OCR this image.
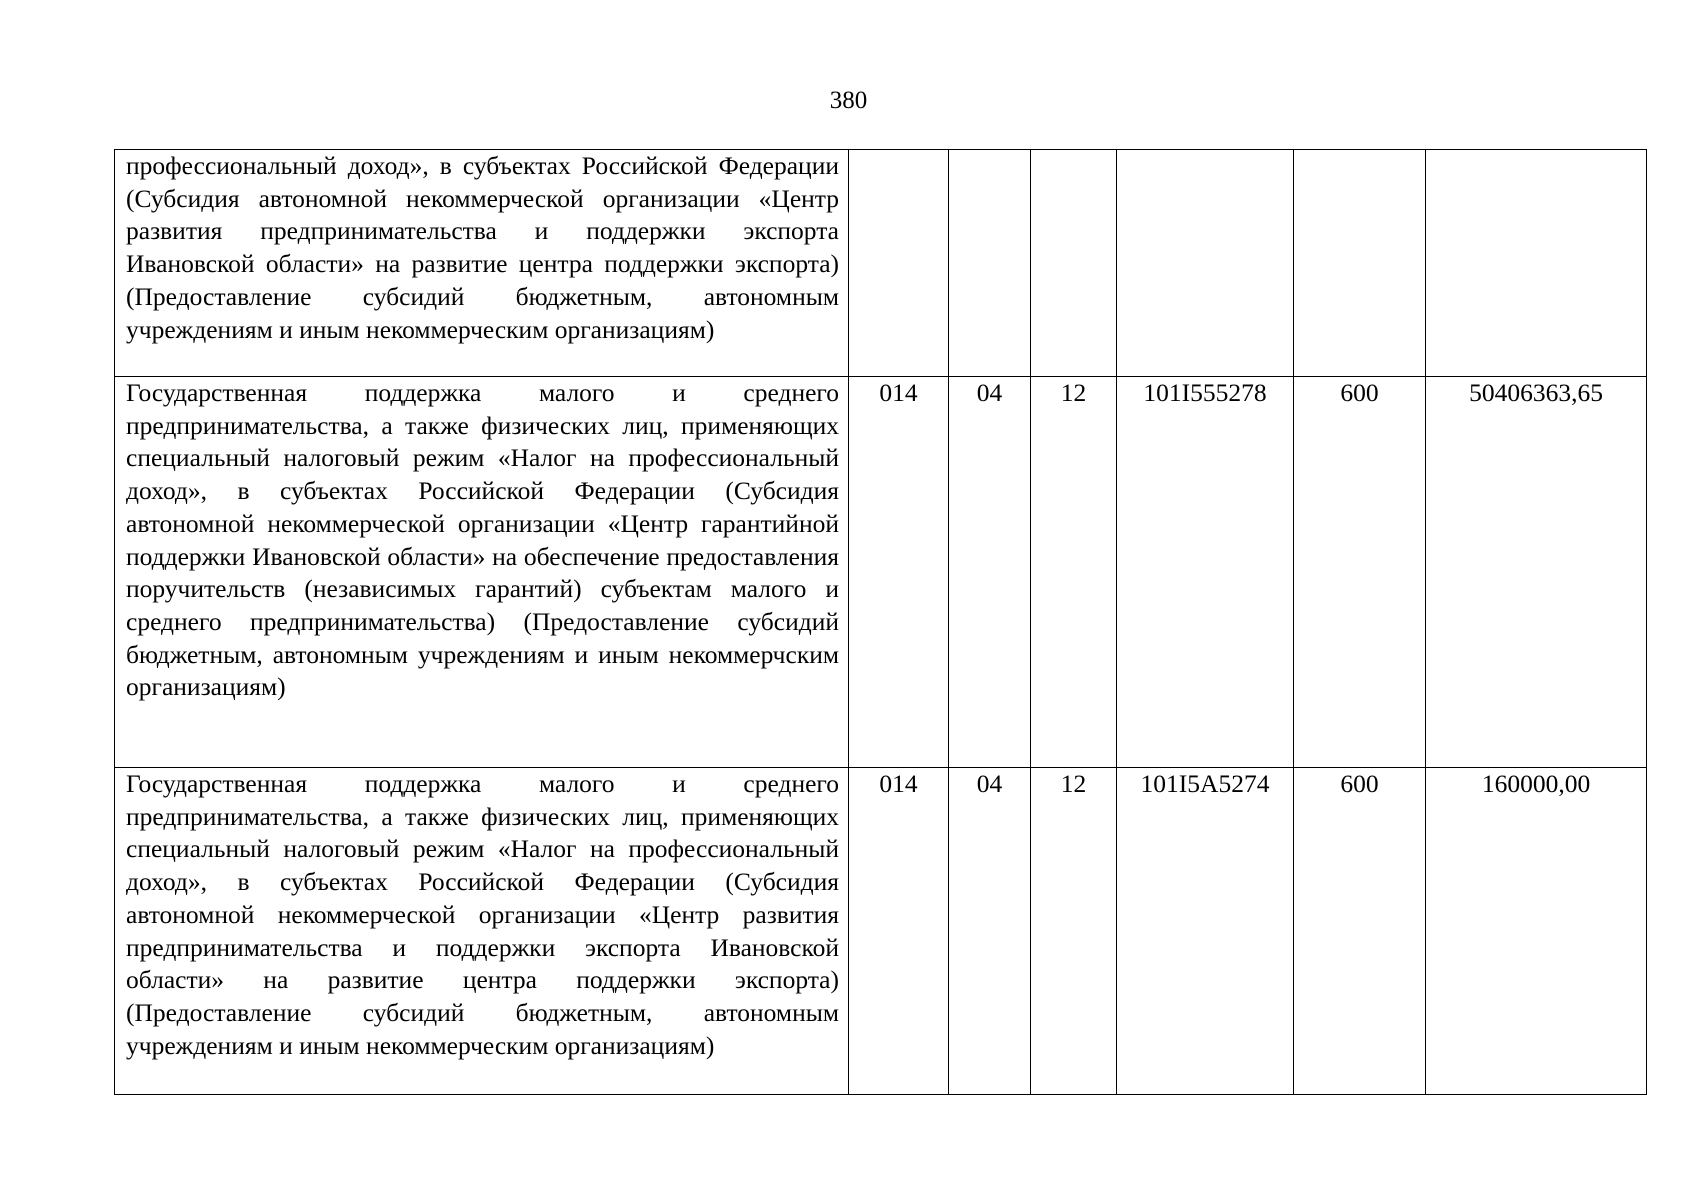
380
профессиональный доход», в субъектах Российской Федерации (Субсидия автономной некоммерческой организации «Центр развития предпринимательства и поддержки экспорта Ивановской области» на развитие центра поддержки экспорта) (Предоставление субсидий бюджетным, автономным учреждениям и иным некоммерческим организациям)						

Государственная поддержка малого и среднего предпринимательства, а также физических лиц, применяющих специальный налоговый режим «Налог на профессиональный доход», в субъектах Российской Федерации (Субсидия автономной некоммерческой организации «Центр гарантийной поддержки Ивановской области» на обеспечение предоставления поручительств (независимых гарантий) субъектам малого и среднего предпринимательства) (Предоставление субсидий бюджетным, автономным учреждениям и иным некоммерчским организациям)	014	04	12	101I555278	600	50406363,65

Государственная поддержка малого и среднего предпринимательства, а также физических лиц, применяющих специальный налоговый режим «Налог на профессиональный доход», в субъектах Российской Федерации (Субсидия автономной некоммерческой организации «Центр развития предпринимательства и поддержки экспорта Ивановской области» на развитие центра поддержки экспорта) (Предоставление субсидий бюджетным, автономным учреждениям и иным некоммерческим организациям)	014	04	12	101I5A5274	600	160000,00
